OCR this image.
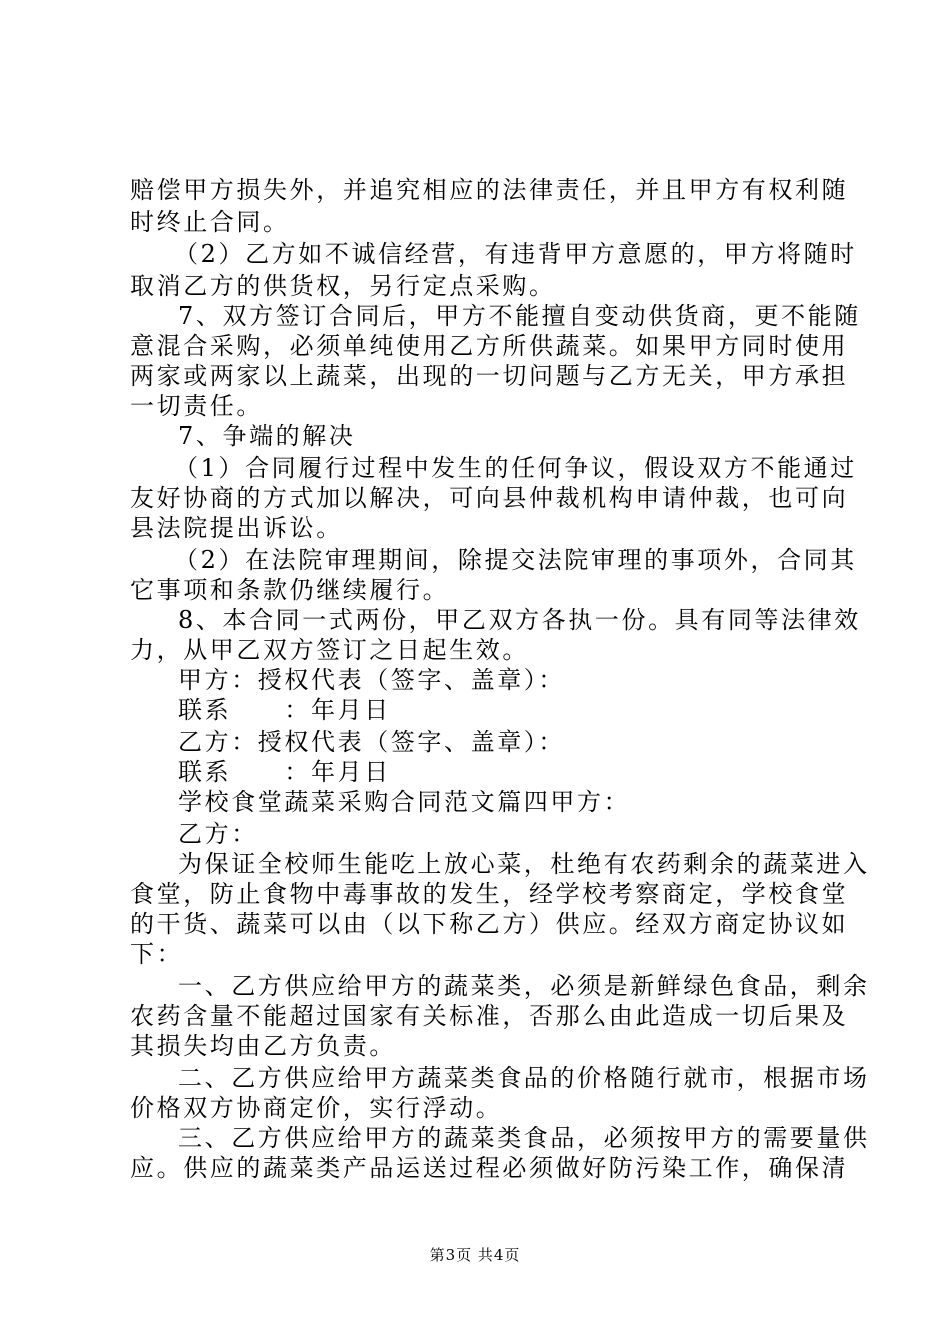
赔偿甲方损失外，并追究相应的法律责任，并且甲方有权利随
时终止合同。
（2）乙方如不诚信经营，有违背甲方意愿的，甲方将随时
取消乙方的供货权，另行定点采购。
7、双方签订合同后，甲方不能擅自变动供货商，更不能随
意混合采购，必须单纯使用乙方所供蔬菜。如果甲方同时使用
两家或两家以上蔬菜，出现的一切问题与乙方无关，甲方承担
一切责任。
7、争端的解决
（1）合同履行过程中发生的任何争议，假设双方不能通过
友好协商的方式加以解决，可向县仲裁机构申请仲裁，也可向
县法院提出诉讼。
（2）在法院审理期间，除提交法院审理的事项外，合同其
它事项和条款仍继续履行。
8、本合同一式两份，甲乙双方各执一份。具有同等法律效
力，从甲乙双方签订之日起生效。
甲方：授权代表（签字、盖章）：
联系　　：年月日
乙方：授权代表（签字、盖章）：
联系　　：年月日
学校食堂蔬菜采购合同范文篇四甲方：
乙方：
为保证全校师生能吃上放心菜，杜绝有农药剩余的蔬菜进入
食堂，防止食物中毒事故的发生，经学校考察商定，学校食堂
的干货、蔬菜可以由（以下称乙方）供应。经双方商定协议如
下：
一、乙方供应给甲方的蔬菜类，必须是新鲜绿色食品，剩余
农药含量不能超过国家有关标准，否那么由此造成一切后果及
其损失均由乙方负责。
二、乙方供应给甲方蔬菜类食品的价格随行就市，根据市场
价格双方协商定价，实行浮动。
三、乙方供应给甲方的蔬菜类食品，必须按甲方的需要量供
应。供应的蔬菜类产品运送过程必须做好防污染工作，确保清
第3页 共4页
